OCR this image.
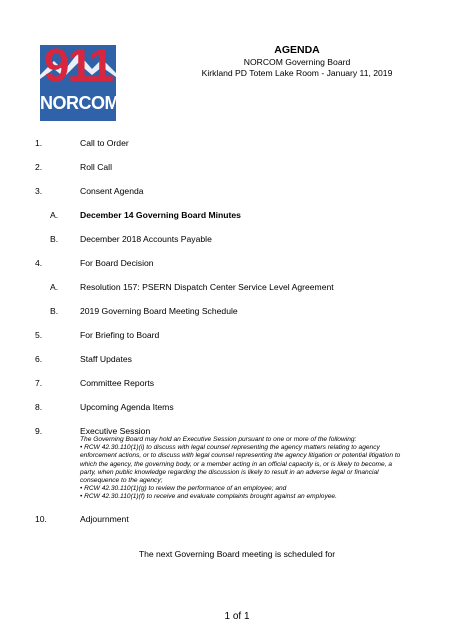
911
NORCOM
AGENDA
NORCOM Governing Board
Kirkland PD Totem Lake Room - January 11, 2019
1.	Call to Order
2.	Roll Call
3.	Consent Agenda
A.	December 14 Governing Board Minutes
B.	December 2018 Accounts Payable
4.	For Board Decision
A.	Resolution 157: PSERN Dispatch Center Service Level Agreement
B.	2019 Governing Board Meeting Schedule
5.	For Briefing to Board
6.	Staff Updates
7.	Committee Reports
8.	Upcoming Agenda Items
9.	Executive Session
The Governing Board may hold an Executive Session pursuant to one or more of the following:
• RCW 42.30.110(1)(i) to discuss with legal counsel representing the agency matters relating to agency
enforcement actions, or to discuss with legal counsel representing the agency litigation or potential litigation to
which the agency, the governing body, or a member acting in an official capacity is, or is likely to become, a
party, when public knowledge regarding the discussion is likely to result in an adverse legal or financial
consequence to the agency;
• RCW 42.30.110(1)(g) to review the performance of an employee; and
• RCW 42.30.110(1)(f) to receive and evaluate complaints brought against an employee.
10.	Adjournment
The next Governing Board meeting is scheduled for
1 of 1
